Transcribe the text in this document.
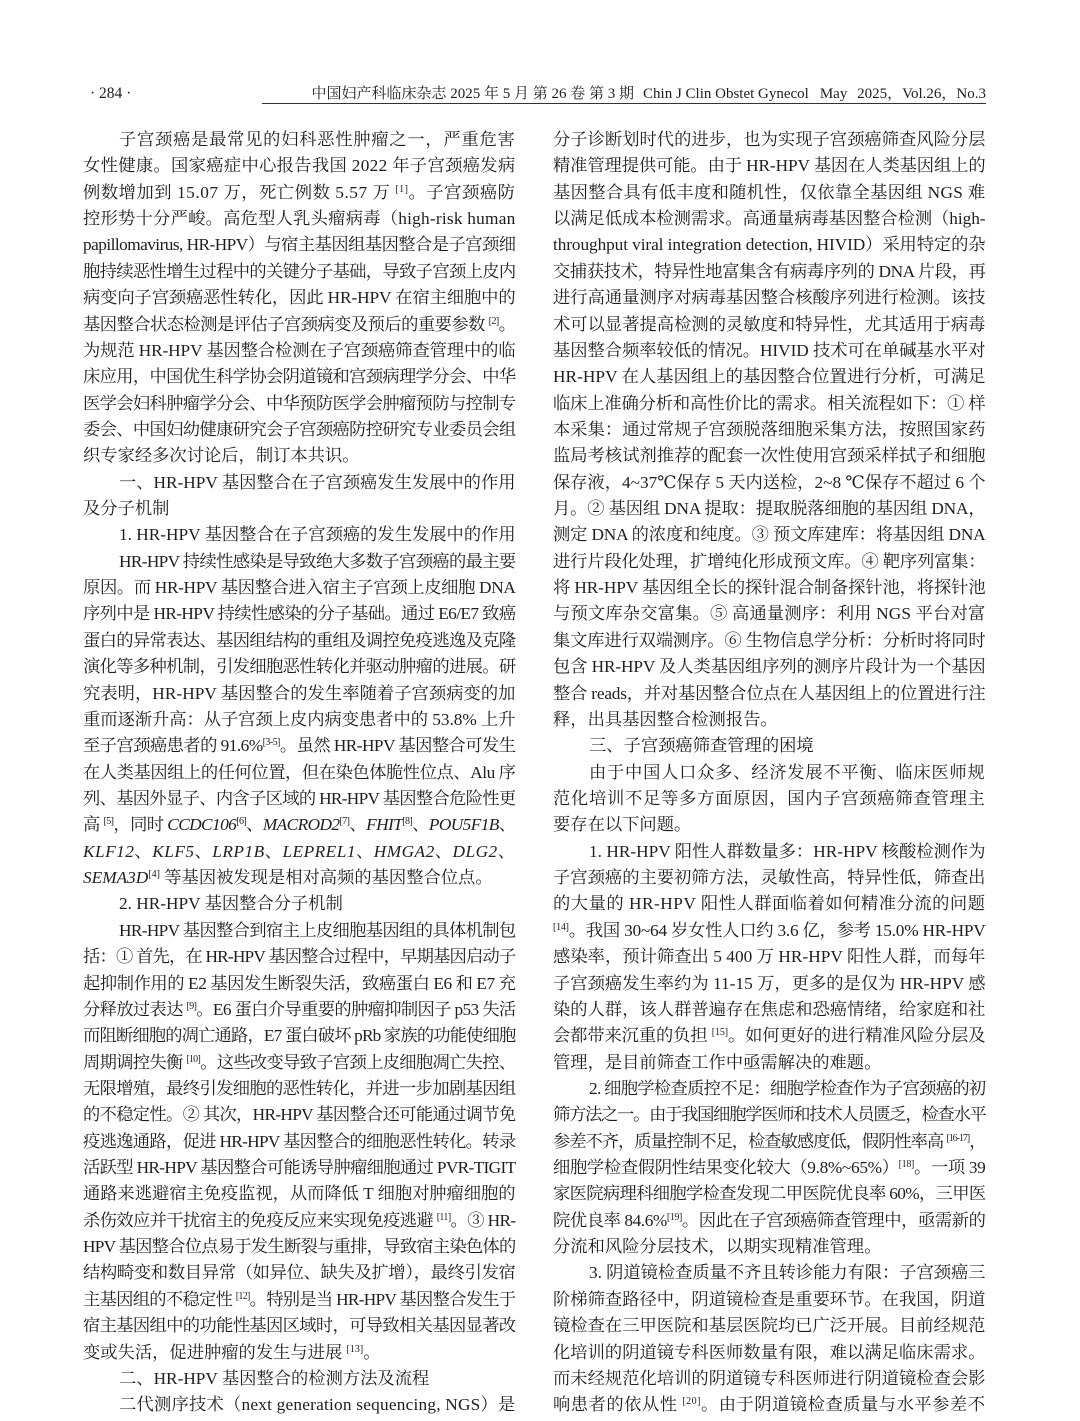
· 284 ·	中国妇产科临床杂志 2025 年 5 月 第 26 卷 第 3 期 Chin J Clin Obstet Gynecol May 2025，Vol.26，No.3
子宫颈癌是最常见的妇科恶性肿瘤之一，严重危害
女性健康。国家癌症中心报告我国 2022 年子宫颈癌发病
例数增加到 15.07 万，死亡例数 5.57 万 [1]。子宫颈癌防
控形势十分严峻。高危型人乳头瘤病毒（high-risk human
papillomavirus, HR-HPV）与宿主基因组基因整合是子宫颈细
胞持续恶性增生过程中的关键分子基础，导致子宫颈上皮内
病变向子宫颈癌恶性转化，因此 HR-HPV 在宿主细胞中的
基因整合状态检测是评估子宫颈病变及预后的重要参数 [2]。
为规范 HR-HPV 基因整合检测在子宫颈癌筛查管理中的临
床应用，中国优生科学协会阴道镜和宫颈病理学分会、中华
医学会妇科肿瘤学分会、中华预防医学会肿瘤预防与控制专
委会、中国妇幼健康研究会子宫颈癌防控研究专业委员会组
织专家经多次讨论后，制订本共识。
一、HR-HPV 基因整合在子宫颈癌发生发展中的作用
及分子机制
1. HR-HPV 基因整合在子宫颈癌的发生发展中的作用
HR-HPV 持续性感染是导致绝大多数子宫颈癌的最主要
原因。而 HR-HPV 基因整合进入宿主子宫颈上皮细胞 DNA
序列中是 HR-HPV 持续性感染的分子基础。通过 E6/E7 致癌
蛋白的异常表达、基因组结构的重组及调控免疫逃逸及克隆
演化等多种机制，引发细胞恶性转化并驱动肿瘤的进展。研
究表明，HR-HPV 基因整合的发生率随着子宫颈病变的加
重而逐渐升高：从子宫颈上皮内病变患者中的 53.8% 上升
至子宫颈癌患者的 91.6%[3-5]。虽然 HR-HPV 基因整合可发生
在人类基因组上的任何位置，但在染色体脆性位点、Alu 序
列、基因外显子、内含子区域的 HR-HPV 基因整合危险性更
高 [5]，同时 CCDC106[6]、MACROD2[7]、FHIT[8]、POU5F1B、
KLF12、KLF5、LRP1B、LEPREL1、HMGA2、DLG2、
SEMA3D[4] 等基因被发现是相对高频的基因整合位点。
2. HR-HPV 基因整合分子机制
HR-HPV 基因整合到宿主上皮细胞基因组的具体机制包
括：① 首先，在 HR-HPV 基因整合过程中，早期基因启动子
起抑制作用的 E2 基因发生断裂失活，致癌蛋白 E6 和 E7 充
分释放过表达 [9]。E6 蛋白介导重要的肿瘤抑制因子 p53 失活
而阻断细胞的凋亡通路，E7 蛋白破坏 pRb 家族的功能使细胞
周期调控失衡 [10]。这些改变导致子宫颈上皮细胞凋亡失控、
无限增殖，最终引发细胞的恶性转化，并进一步加剧基因组
的不稳定性。② 其次，HR-HPV 基因整合还可能通过调节免
疫逃逸通路，促进 HR-HPV 基因整合的细胞恶性转化。转录
活跃型 HR-HPV 基因整合可能诱导肿瘤细胞通过 PVR-TIGIT
通路来逃避宿主免疫监视，从而降低 T 细胞对肿瘤细胞的
杀伤效应并干扰宿主的免疫反应来实现免疫逃避 [11]。③ HR-
HPV 基因整合位点易于发生断裂与重排，导致宿主染色体的
结构畸变和数目异常（如异位、缺失及扩增），最终引发宿
主基因组的不稳定性 [12]。特别是当 HR-HPV 基因整合发生于
宿主基因组中的功能性基因区域时，可导致相关基因显著改
变或失活，促进肿瘤的发生与进展 [13]。
二、HR-HPV 基因整合的检测方法及流程
二代测序技术（next generation sequencing, NGS）是
分子诊断划时代的进步，也为实现子宫颈癌筛查风险分层
精准管理提供可能。由于 HR-HPV 基因在人类基因组上的
基因整合具有低丰度和随机性，仅依靠全基因组 NGS 难
以满足低成本检测需求。高通量病毒基因整合检测（high-
throughput viral integration detection, HIVID）采用特定的杂
交捕获技术，特异性地富集含有病毒序列的 DNA 片段，再
进行高通量测序对病毒基因整合核酸序列进行检测。该技
术可以显著提高检测的灵敏度和特异性，尤其适用于病毒
基因整合频率较低的情况。HIVID 技术可在单碱基水平对
HR-HPV 在人基因组上的基因整合位置进行分析，可满足
临床上准确分析和高性价比的需求。相关流程如下：① 样
本采集：通过常规子宫颈脱落细胞采集方法，按照国家药
监局考核试剂推荐的配套一次性使用宫颈采样拭子和细胞
保存液，4~37℃保存 5 天内送检，2~8 ℃保存不超过 6 个
月。② 基因组 DNA 提取：提取脱落细胞的基因组 DNA，
测定 DNA 的浓度和纯度。③ 预文库建库：将基因组 DNA
进行片段化处理，扩增纯化形成预文库。④ 靶序列富集：
将 HR-HPV 基因组全长的探针混合制备探针池，将探针池
与预文库杂交富集。⑤ 高通量测序：利用 NGS 平台对富
集文库进行双端测序。⑥ 生物信息学分析：分析时将同时
包含 HR-HPV 及人类基因组序列的测序片段计为一个基因
整合 reads，并对基因整合位点在人基因组上的位置进行注
释，出具基因整合检测报告。
三、子宫颈癌筛查管理的困境
由于中国人口众多、经济发展不平衡、临床医师规
范化培训不足等多方面原因，国内子宫颈癌筛查管理主
要存在以下问题。
1. HR-HPV 阳性人群数量多：HR-HPV 核酸检测作为
子宫颈癌的主要初筛方法，灵敏性高，特异性低，筛查出
的大量的 HR-HPV 阳性人群面临着如何精准分流的问题
[14]。我国 30~64 岁女性人口约 3.6 亿，参考 15.0% HR-HPV
感染率，预计筛查出 5 400 万 HR-HPV 阳性人群，而每年
子宫颈癌发生率约为 11-15 万，更多的是仅为 HR-HPV 感
染的人群，该人群普遍存在焦虑和恐癌情绪，给家庭和社
会都带来沉重的负担 [15]。如何更好的进行精准风险分层及
管理，是目前筛查工作中亟需解决的难题。
2. 细胞学检查质控不足：细胞学检查作为子宫颈癌的初
筛方法之一。由于我国细胞学医师和技术人员匮乏，检查水平
参差不齐，质量控制不足，检查敏感度低，假阴性率高 [16-17]，
细胞学检查假阴性结果变化较大（9.8%~65%）[18]。一项 39
家医院病理科细胞学检查发现二甲医院优良率 60%，三甲医
院优良率 84.6%[19]。因此在子宫颈癌筛查管理中，亟需新的
分流和风险分层技术，以期实现精准管理。
3. 阴道镜检查质量不齐且转诊能力有限：子宫颈癌三
阶梯筛查路径中，阴道镜检查是重要环节。在我国，阴道
镜检查在三甲医院和基层医院均已广泛开展。目前经规范
化培训的阴道镜专科医师数量有限，难以满足临床需求。
而未经规范化培训的阴道镜专科医师进行阴道镜检查会影
响患者的依从性 [20]。由于阴道镜检查质量与水平参差不
